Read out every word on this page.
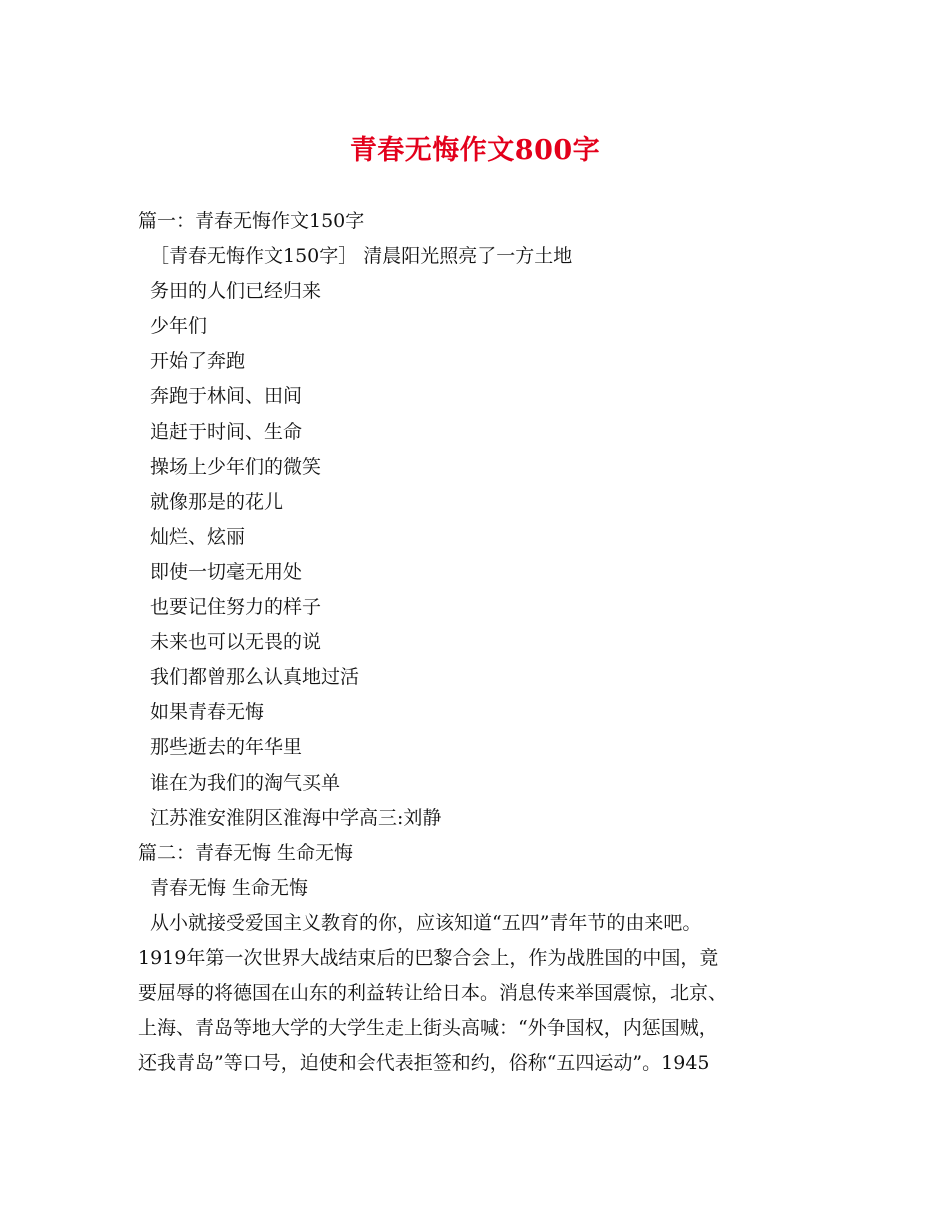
青春无悔作文800字
篇一：青春无悔作文150字
［青春无悔作文150字］ 清晨阳光照亮了一方土地
务田的人们已经归来
少年们
开始了奔跑
奔跑于林间、田间
追赶于时间、生命
操场上少年们的微笑
就像那是的花儿
灿烂、炫丽
即使一切毫无用处
也要记住努力的样子
未来也可以无畏的说
我们都曾那么认真地过活
如果青春无悔
那些逝去的年华里
谁在为我们的淘气买单
江苏淮安淮阴区淮海中学高三:刘静
篇二：青春无悔 生命无悔
青春无悔 生命无悔
从小就接受爱国主义教育的你，应该知道“五四”青年节的由来吧。
1919年第一次世界大战结束后的巴黎合会上，作为战胜国的中国，竟
要屈辱的将德国在山东的利益转让给日本。消息传来举国震惊，北京、
上海、青岛等地大学的大学生走上街头高喊：“外争国权，内惩国贼，
还我青岛”等口号，迫使和会代表拒签和约，俗称“五四运动”。1945
